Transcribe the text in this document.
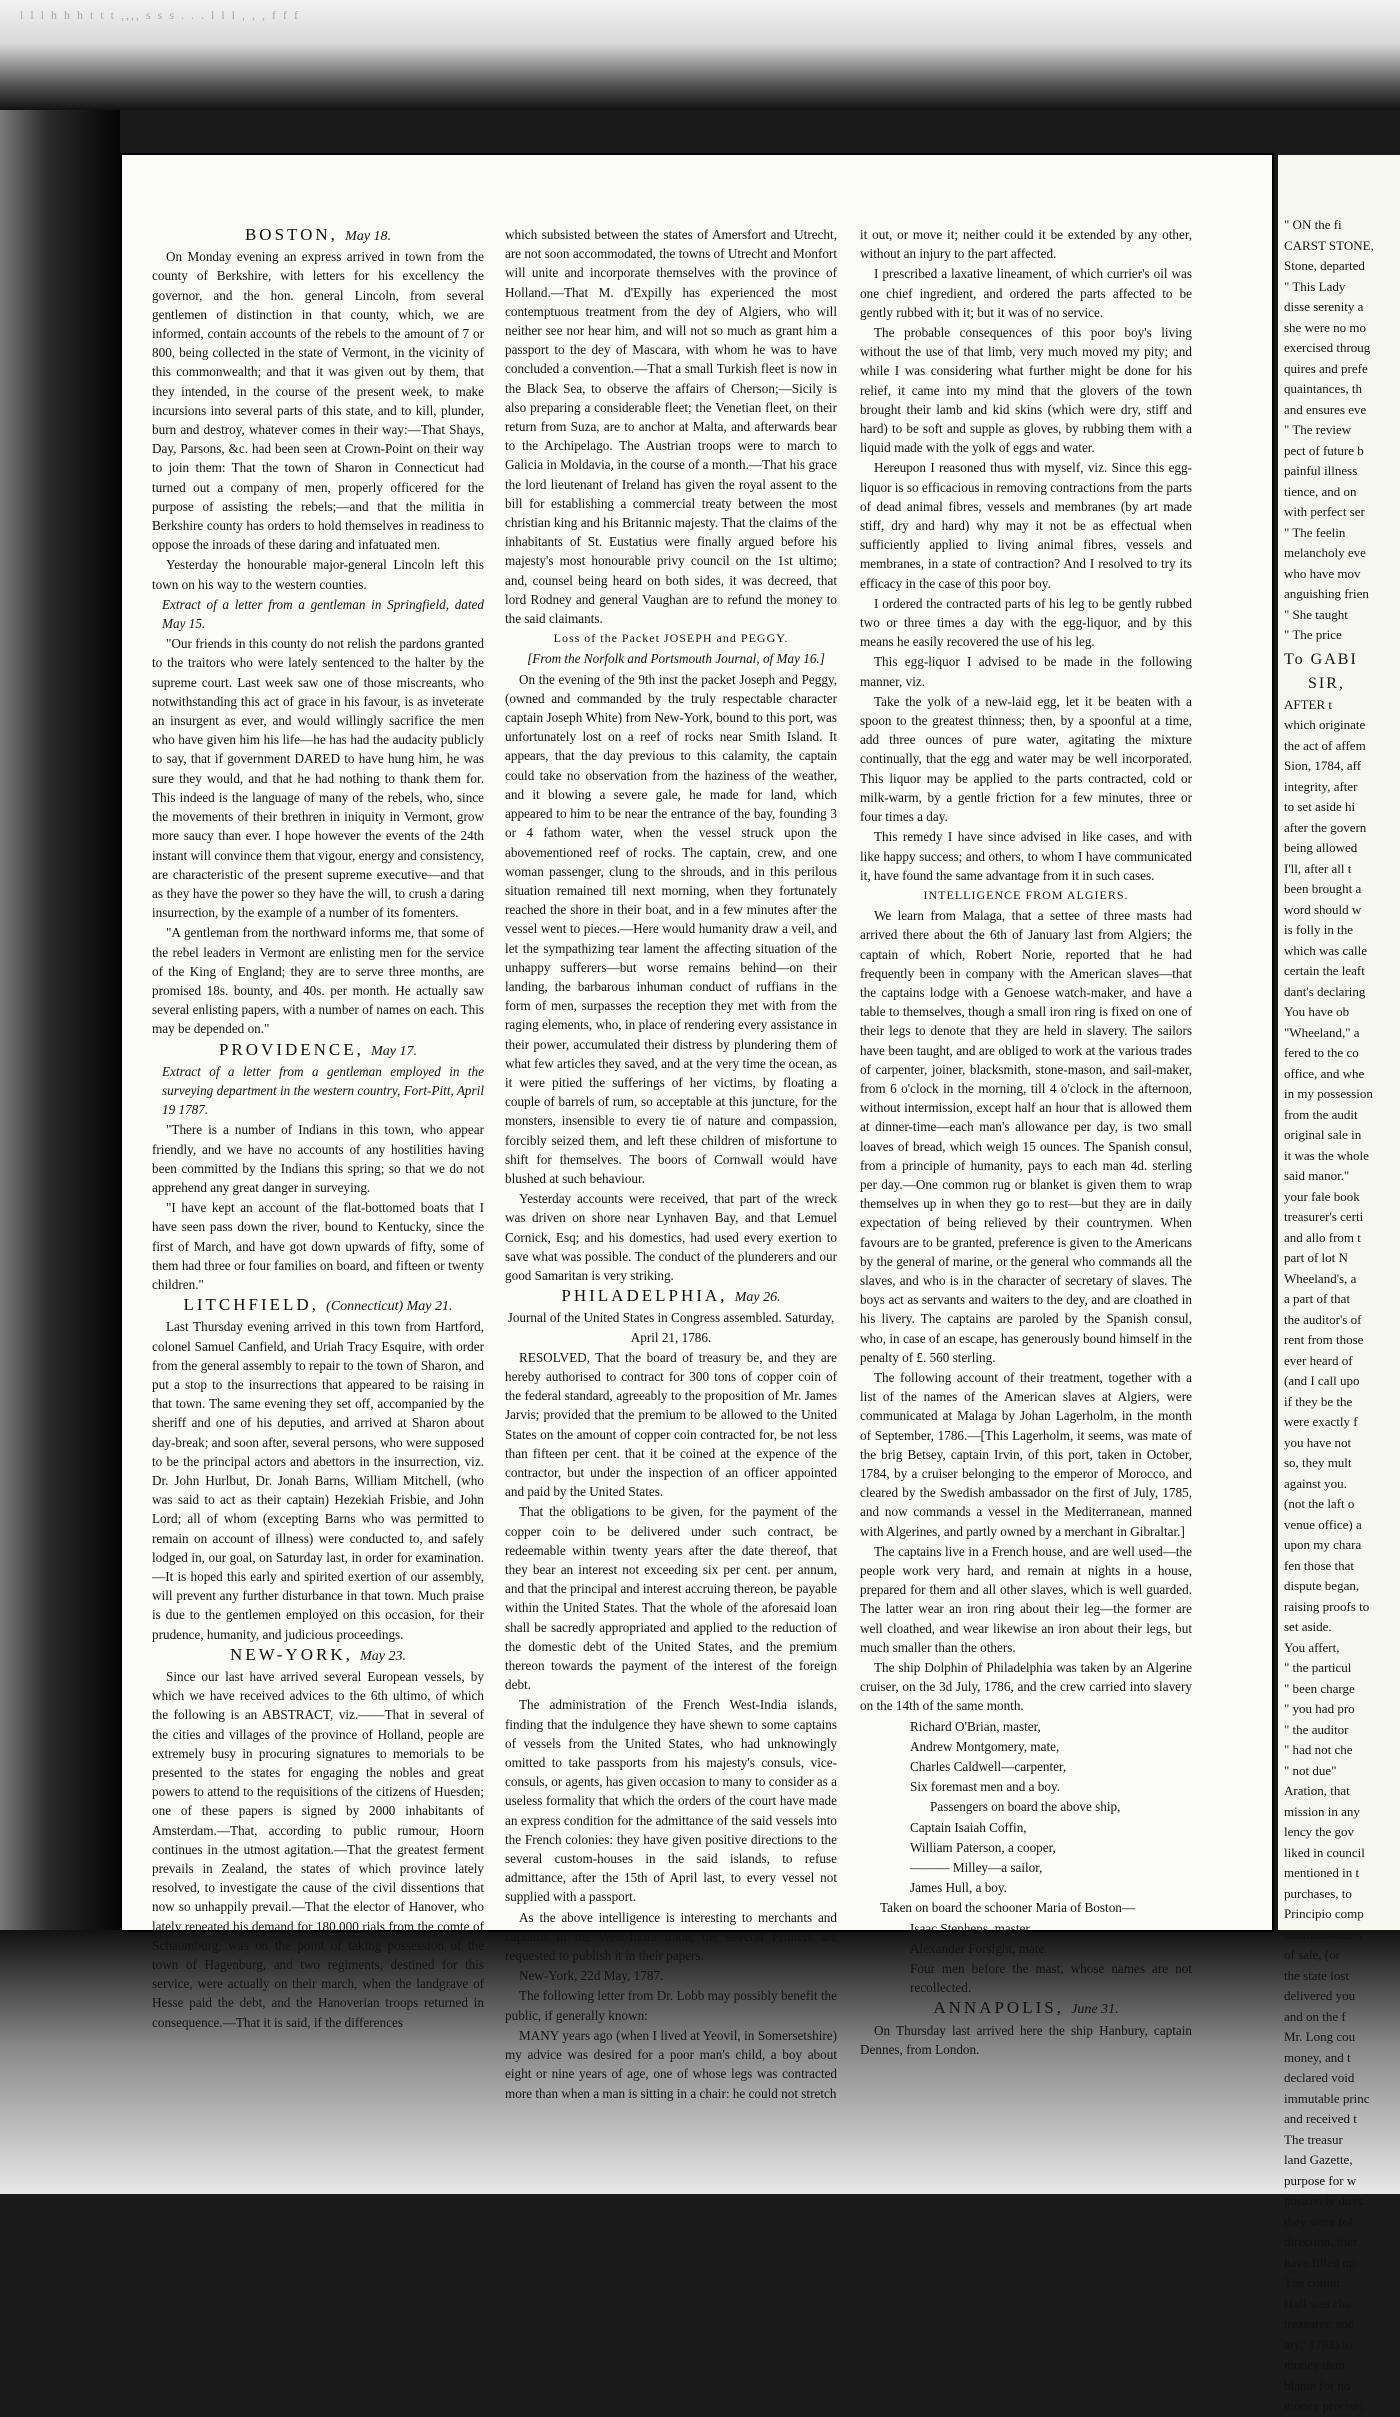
l l l h h h t t t ,,,, s s s . . . l l l , , , f f f

BOSTON, May 18.

On Monday evening an express arrived in town from the county of Berkshire, with letters for his excellency the governor, and the hon. general Lincoln, from several gentlemen of distinction in that county, which, we are informed, contain accounts of the rebels to the amount of 7 or 800, being collected in the state of Vermont, in the vicinity of this commonwealth; and that it was given out by them, that they intended, in the course of the present week, to make incursions into several parts of this state, and to kill, plunder, burn and destroy, whatever comes in their way:—That Shays, Day, Parsons, &c. had been seen at Crown-Point on their way to join them: That the town of Sharon in Connecticut had turned out a company of men, properly officered for the purpose of assisting the rebels;—and that the militia in Berkshire county has orders to hold themselves in readiness to oppose the inroads of these daring and infatuated men.

Yesterday the honourable major-general Lincoln left this town on his way to the western counties.

Extract of a letter from a gentleman in Springfield, dated May 15.

"Our friends in this county do not relish the pardons granted to the traitors who were lately sentenced to the halter by the supreme court. Last week saw one of those miscreants, who notwithstanding this act of grace in his favour, is as inveterate an insurgent as ever, and would willingly sacrifice the men who have given him his life—he has had the audacity publicly to say, that if government DARED to have hung him, he was sure they would, and that he had nothing to thank them for. This indeed is the language of many of the rebels, who, since the movements of their brethren in iniquity in Vermont, grow more saucy than ever. I hope however the events of the 24th instant will convince them that vigour, energy and consistency, are characteristic of the present supreme executive—and that as they have the power so they have the will, to crush a daring insurrection, by the example of a number of its fomenters.

"A gentleman from the northward informs me, that some of the rebel leaders in Vermont are enlisting men for the service of the King of England; they are to serve three months, are promised 18s. bounty, and 40s. per month. He actually saw several enlisting papers, with a number of names on each. This may be depended on."

PROVIDENCE, May 17.

Extract of a letter from a gentleman employed in the surveying department in the western country, Fort-Pitt, April 19 1787.

"There is a number of Indians in this town, who appear friendly, and we have no accounts of any hostilities having been committed by the Indians this spring; so that we do not apprehend any great danger in surveying.

"I have kept an account of the flat-bottomed boats that I have seen pass down the river, bound to Kentucky, since the first of March, and have got down upwards of fifty, some of them had three or four families on board, and fifteen or twenty children."

LITCHFIELD, (Connecticut) May 21.

Last Thursday evening arrived in this town from Hartford, colonel Samuel Canfield, and Uriah Tracy Esquire, with order from the general assembly to repair to the town of Sharon, and put a stop to the insurrections that appeared to be raising in that town. The same evening they set off, accompanied by the sheriff and one of his deputies, and arrived at Sharon about day-break; and soon after, several persons, who were supposed to be the principal actors and abettors in the insurrection, viz. Dr. John Hurlbut, Dr. Jonah Barns, William Mitchell, (who was said to act as their captain) Hezekiah Frisbie, and John Lord; all of whom (excepting Barns who was permitted to remain on account of illness) were conducted to, and safely lodged in, our goal, on Saturday last, in order for examination.—It is hoped this early and spirited exertion of our assembly, will prevent any further disturbance in that town. Much praise is due to the gentlemen employed on this occasion, for their prudence, humanity, and judicious proceedings.

NEW-YORK, May 23.

Since our last have arrived several European vessels, by which we have received advices to the 6th ultimo, of which the following is an ABSTRACT, viz.——That in several of the cities and villages of the province of Holland, people are extremely busy in procuring signatures to memorials to be presented to the states for engaging the nobles and great powers to attend to the requisitions of the citizens of Huesden; one of these papers is signed by 2000 inhabitants of Amsterdam.—That, according to public rumour, Hoorn continues in the utmost agitation.—That the greatest ferment prevails in Zealand, the states of which province lately resolved, to investigate the cause of the civil dissentions that now so unhappily prevail.—That the elector of Hanover, who lately repeated his demand for 180,000 rials from the comte of Schaumburg, was on the point of taking possession of the town of Hagenburg, and two regiments, destined for this service, were actually on their march, when the landgrave of Hesse paid the debt, and the Hanoverian troops returned in consequence.—That it is said, if the differences

which subsisted between the states of Amersfort and Utrecht, are not soon accommodated, the towns of Utrecht and Monfort will unite and incorporate themselves with the province of Holland.—That M. d'Expilly has experienced the most contemptuous treatment from the dey of Algiers, who will neither see nor hear him, and will not so much as grant him a passport to the dey of Mascara, with whom he was to have concluded a convention.—That a small Turkish fleet is now in the Black Sea, to observe the affairs of Cherson;—Sicily is also preparing a considerable fleet; the Venetian fleet, on their return from Suza, are to anchor at Malta, and afterwards bear to the Archipelago. The Austrian troops were to march to Galicia in Moldavia, in the course of a month.—That his grace the lord lieutenant of Ireland has given the royal assent to the bill for establishing a commercial treaty between the most christian king and his Britannic majesty. That the claims of the inhabitants of St. Eustatius were finally argued before his majesty's most honourable privy council on the 1st ultimo; and, counsel being heard on both sides, it was decreed, that lord Rodney and general Vaughan are to refund the money to the said claimants.

Loss of the Packet JOSEPH and PEGGY.

[From the Norfolk and Portsmouth Journal, of May 16.]

On the evening of the 9th inst the packet Joseph and Peggy, (owned and commanded by the truly respectable character captain Joseph White) from New-York, bound to this port, was unfortunately lost on a reef of rocks near Smith Island. It appears, that the day previous to this calamity, the captain could take no observation from the haziness of the weather, and it blowing a severe gale, he made for land, which appeared to him to be near the entrance of the bay, founding 3 or 4 fathom water, when the vessel struck upon the abovementioned reef of rocks. The captain, crew, and one woman passenger, clung to the shrouds, and in this perilous situation remained till next morning, when they fortunately reached the shore in their boat, and in a few minutes after the vessel went to pieces.—Here would humanity draw a veil, and let the sympathizing tear lament the affecting situation of the unhappy sufferers—but worse remains behind—on their landing, the barbarous inhuman conduct of ruffians in the form of men, surpasses the reception they met with from the raging elements, who, in place of rendering every assistance in their power, accumulated their distress by plundering them of what few articles they saved, and at the very time the ocean, as it were pitied the sufferings of her victims, by floating a couple of barrels of rum, so acceptable at this juncture, for the monsters, insensible to every tie of nature and compassion, forcibly seized them, and left these children of misfortune to shift for themselves. The boors of Cornwall would have blushed at such behaviour.

Yesterday accounts were received, that part of the wreck was driven on shore near Lynhaven Bay, and that Lemuel Cornick, Esq; and his domestics, had used every exertion to save what was possible. The conduct of the plunderers and our good Samaritan is very striking.

PHILADELPHIA, May 26.

Journal of the United States in Congress assembled. Saturday, April 21, 1786.

RESOLVED, That the board of treasury be, and they are hereby authorised to contract for 300 tons of copper coin of the federal standard, agreeably to the proposition of Mr. James Jarvis; provided that the premium to be allowed to the United States on the amount of copper coin contracted for, be not less than fifteen per cent. that it be coined at the expence of the contractor, but under the inspection of an officer appointed and paid by the United States.

That the obligations to be given, for the payment of the copper coin to be delivered under such contract, be redeemable within twenty years after the date thereof, that they bear an interest not exceeding six per cent. per annum, and that the principal and interest accruing thereon, be payable within the United States. That the whole of the aforesaid loan shall be sacredly appropriated and applied to the reduction of the domestic debt of the United States, and the premium thereon towards the payment of the interest of the foreign debt.

The administration of the French West-India islands, finding that the indulgence they have shewn to some captains of vessels from the United States, who had unknowingly omitted to take passports from his majesty's consuls, vice-consuls, or agents, has given occasion to many to consider as a useless formality that which the orders of the court have made an express condition for the admittance of the said vessels into the French colonies: they have given positive directions to the several custom-houses in the said islands, to refuse admittance, after the 15th of April last, to every vessel not supplied with a passport.

As the above intelligence is interesting to merchants and captains in the West-India trade, the several Printers are requested to publish it in their papers.

New-York, 22d May, 1787.

The following letter from Dr. Lobb may possibly benefit the public, if generally known:

MANY years ago (when I lived at Yeovil, in Somersetshire) my advice was desired for a poor man's child, a boy about eight or nine years of age, one of whose legs was contracted more than when a man is sitting in a chair: he could not stretch

it out, or move it; neither could it be extended by any other, without an injury to the part affected.

I prescribed a laxative lineament, of which currier's oil was one chief ingredient, and ordered the parts affected to be gently rubbed with it; but it was of no service.

The probable consequences of this poor boy's living without the use of that limb, very much moved my pity; and while I was considering what further might be done for his relief, it came into my mind that the glovers of the town brought their lamb and kid skins (which were dry, stiff and hard) to be soft and supple as gloves, by rubbing them with a liquid made with the yolk of eggs and water.

Hereupon I reasoned thus with myself, viz. Since this egg-liquor is so efficacious in removing contractions from the parts of dead animal fibres, vessels and membranes (by art made stiff, dry and hard) why may it not be as effectual when sufficiently applied to living animal fibres, vessels and membranes, in a state of contraction? And I resolved to try its efficacy in the case of this poor boy.

I ordered the contracted parts of his leg to be gently rubbed two or three times a day with the egg-liquor, and by this means he easily recovered the use of his leg.

This egg-liquor I advised to be made in the following manner, viz.

Take the yolk of a new-laid egg, let it be beaten with a spoon to the greatest thinness; then, by a spoonful at a time, add three ounces of pure water, agitating the mixture continually, that the egg and water may be well incorporated. This liquor may be applied to the parts contracted, cold or milk-warm, by a gentle friction for a few minutes, three or four times a day.

This remedy I have since advised in like cases, and with like happy success; and others, to whom I have communicated it, have found the same advantage from it in such cases.

INTELLIGENCE FROM ALGIERS.

We learn from Malaga, that a settee of three masts had arrived there about the 6th of January last from Algiers; the captain of which, Robert Norie, reported that he had frequently been in company with the American slaves—that the captains lodge with a Genoese watch-maker, and have a table to themselves, though a small iron ring is fixed on one of their legs to denote that they are held in slavery. The sailors have been taught, and are obliged to work at the various trades of carpenter, joiner, blacksmith, stone-mason, and sail-maker, from 6 o'clock in the morning, till 4 o'clock in the afternoon, without intermission, except half an hour that is allowed them at dinner-time—each man's allowance per day, is two small loaves of bread, which weigh 15 ounces. The Spanish consul, from a principle of humanity, pays to each man 4d. sterling per day.—One common rug or blanket is given them to wrap themselves up in when they go to rest—but they are in daily expectation of being relieved by their countrymen. When favours are to be granted, preference is given to the Americans by the general of marine, or the general who commands all the slaves, and who is in the character of secretary of slaves. The boys act as servants and waiters to the dey, and are cloathed in his livery. The captains are paroled by the Spanish consul, who, in case of an escape, has generously bound himself in the penalty of £. 560 sterling.

The following account of their treatment, together with a list of the names of the American slaves at Algiers, were communicated at Malaga by Johan Lagerholm, in the month of September, 1786.—[This Lagerholm, it seems, was mate of the brig Betsey, captain Irvin, of this port, taken in October, 1784, by a cruiser belonging to the emperor of Morocco, and cleared by the Swedish ambassador on the first of July, 1785, and now commands a vessel in the Mediterranean, manned with Algerines, and partly owned by a merchant in Gibraltar.]

The captains live in a French house, and are well used—the people work very hard, and remain at nights in a house, prepared for them and all other slaves, which is well guarded. The latter wear an iron ring about their leg—the former are well cloathed, and wear likewise an iron about their legs, but much smaller than the others.

The ship Dolphin of Philadelphia was taken by an Algerine cruiser, on the 3d July, 1786, and the crew carried into slavery on the 14th of the same month.

Richard O'Brian, master,

Andrew Montgomery, mate,

Charles Caldwell—carpenter,

Six foremast men and a boy.

Passengers on board the above ship,

Captain Isaiah Coffin,

William Paterson, a cooper,

——— Milley—a sailor,

James Hull, a boy.

Taken on board the schooner Maria of Boston—

Isaac Stephens, master,

Alexander Forsight, mate.

Four men before the mast, whose names are not recollected.

ANNAPOLIS, June 31.

On Thursday last arrived here the ship Hanbury, captain Dennes, from London.

" ON the fi
CARST STONE,
Stone, departed
" This Lady
disse serenity a
she were no mo
exercised throug
quires and prefe
quaintances, th
and ensures eve
" The review
pect of future b
painful illness
tience, and on
with perfect ser
" The feelin
melancholy eve
who have mov
anguishing frien
" She taught
" The price
To GABI
SIR,
AFTER t
which originate
the act of affem
Sion, 1784, aff
integrity, after
to set aside hi
after the govern
being allowed
I'll, after all t
been brought a
word should w
is folly in the
which was calle
certain the leaft
dant's declaring
You have ob
"Wheeland," a
fered to the co
office, and whe
in my possession
from the audit
original sale in
it was the whole
said manor."
your fale book
treasurer's certi
and allo from t
part of lot N
Wheeland's, a
a part of that
the auditor's of
rent from those
ever heard of
(and I call upo
if they be the
were exactly f
you have not
so, they mult
against you.
(not the laft o
venue office) a
upon my chara
fen those that
dispute began,
raising proofs to
set aside.
You affert,
" the particul
" been charge
" you had pro
" the auditor
" had not che
" not due"
Aration, that
mission in any
lency the gov
liked in council
mentioned in t
purchases, to
Principio comp
commissioners
of sale, (or
the state lost
delivered you
and on the f
Mr. Long cou
money, and t
declared void
immutable princ
and received t
The treasur
land Gazette,
purpose for w
positively direc
they were fol
direction, ther
have filled up
The comm
Hall was cha
treasurer, and
ary,' 1783) lo
money than
blame for no
money precisel
